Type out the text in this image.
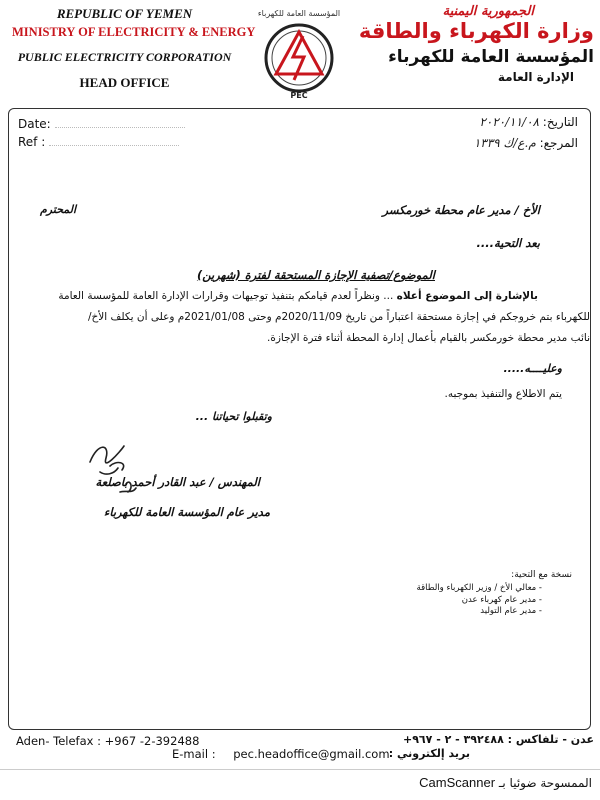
REPUBLIC OF YEMEN
MINISTRY OF ELECTRICITY & ENERGY
PUBLIC ELECTRICITY CORPORATION
HEAD OFFICE
المؤسسة العامة للكهرباء
PEC
الجمهورية اليمنية
وزارة الكهرباء والطاقة
المؤسسة العامة للكهرباء
الإدارة العامة
Date:
Ref :
التاريخ: ٢٠٢٠/١١/٠٨
المرجع: م.ع/ك ١٣٣٩
المحترم	الأخ / مدير عام محطة خورمكسر
بعد التحية....
الموضوع/تصفية الإجازة المستحقة لفترة (شهرين)
بالإشارة إلى الموضوع أعلاه ... ونظراً لعدم قيامكم بتنفيذ توجيهات وقرارات الإدارة العامة للمؤسسة العامة
للكهرباء بتم خروجكم في إجازة مستحقة اعتباراً من تاريخ 2020/11/09م وحتى 2021/01/08م وعلى أن يكلف الأخ/
نائب مدير محطة خورمكسر بالقيام بأعمال إدارة المحطة أثناء فترة الإجازة.
وعليــــه.....
يتم الاطلاع والتنفيذ بموجبه.
وتقبلوا تحياتنا ...
المهندس / عبد القادر أحمد باصلعة
مدير عام المؤسسة العامة للكهرباء
نسخة مع التحية:
- معالي الأخ / وزير الكهرباء والطاقة
- مدير عام كهرباء عدن
- مدير عام التوليد
Aden- Telefax : +967 -2-392488
E-mail : pec.headoffice@gmail.com
عدن - تلفاكس : ٣٩٢٤٨٨ - ٢ - ٩٦٧+
بريد إلكتروني :
الممسوحة ضوئيا بـ CamScanner
